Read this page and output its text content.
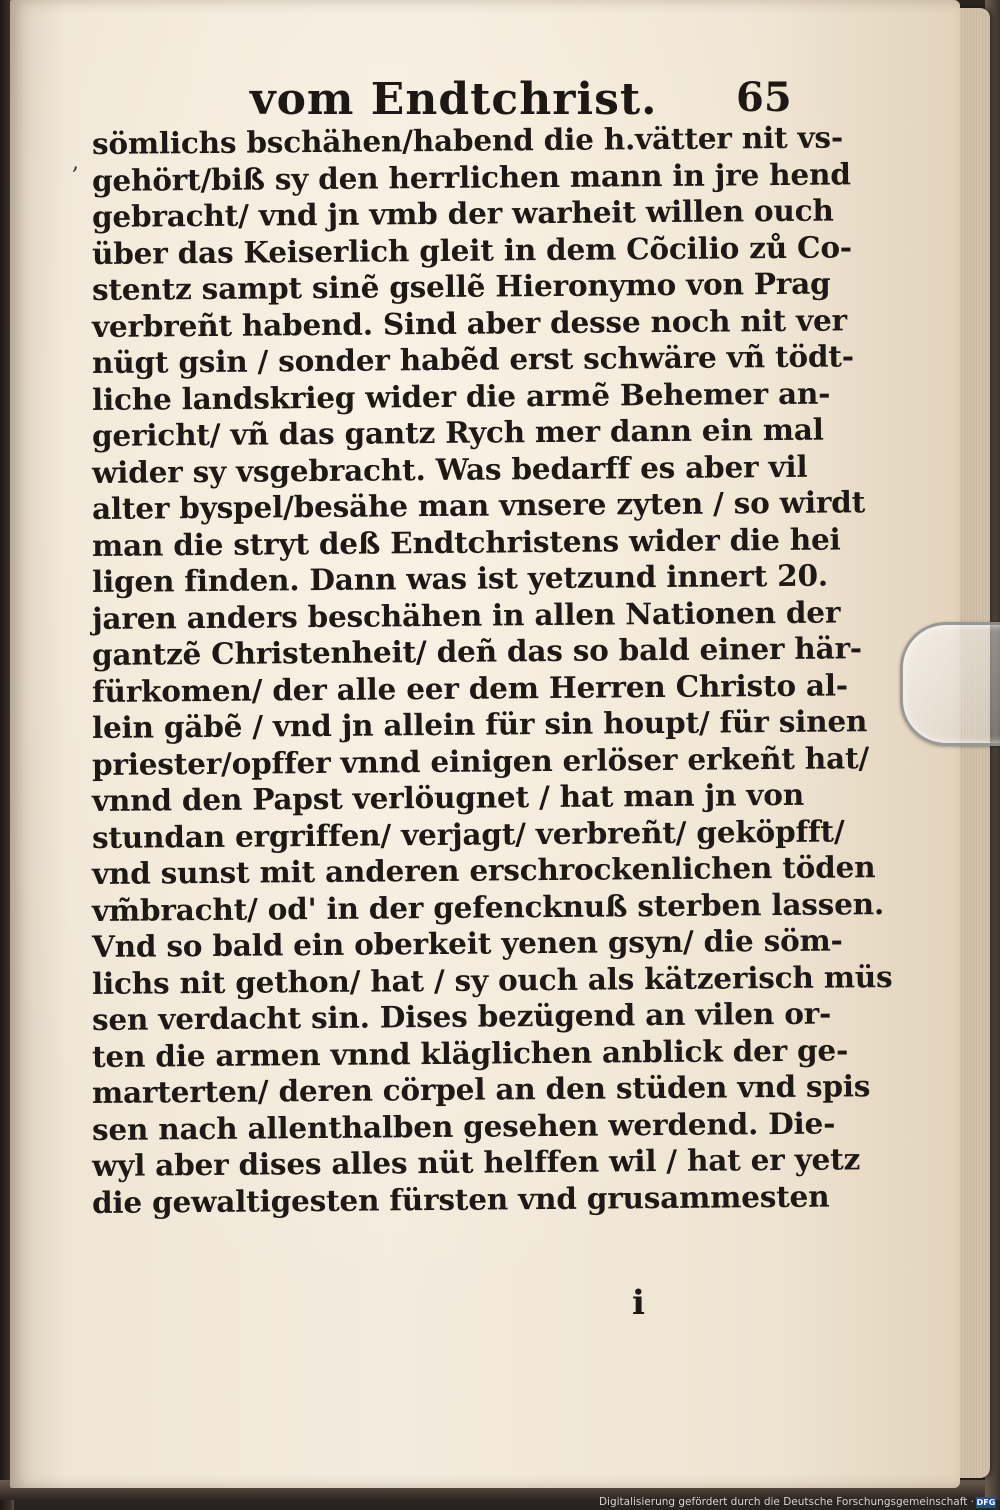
vom Endtchrist. 65
sömlichs bschähen/habend die h.vätter nit vs-
gehört/biß sy den herrlichen mann in jre hend
gebracht/ vnd jn vmb der warheit willen ouch
über das Keiserlich gleit in dem Cõcilio zů Co-
stentz sampt sinẽ gsellẽ Hieronymo von Prag
verbreñt habend. Sind aber desse noch nit ver
nügt gsin / sonder habẽd erst schwäre vñ tödt-
liche landskrieg wider die armẽ Behemer an-
gericht/ vñ das gantz Rych mer dann ein mal
wider sy vsgebracht. Was bedarff es aber vil
alter byspel/besähe man vnsere zyten / so wirdt
man die stryt deß Endtchristens wider die hei
ligen finden. Dann was ist yetzund innert 20.
jaren anders beschähen in allen Nationen der
gantzẽ Christenheit/ deñ das so bald einer här-
fürkomen/ der alle eer dem Herren Christo al-
lein gäbẽ / vnd jn allein für sin houpt/ für sinen
priester/opffer vnnd einigen erlöser erkeñt hat/
vnnd den Papst verlöugnet / hat man jn von
stundan ergriffen/ verjagt/ verbreñt/ geköpfft/
vnd sunst mit anderen erschrockenlichen töden
vm̃bracht/ od' in der gefencknuß sterben lassen.
Vnd so bald ein oberkeit yenen gsyn/ die söm-
lichs nit gethon/ hat / sy ouch als kätzerisch müs
sen verdacht sin. Dises bezügend an vilen or-
ten die armen vnnd kläglichen anblick der ge-
marterten/ deren cörpel an den stüden vnd spis
sen nach allenthalben gesehen werdend. Die-
wyl aber dises alles nüt helffen wil / hat er yetz
die gewaltigesten fürsten vnd grusammesten
i
,
Digitalisierung gefördert durch die Deutsche Forschungsgemeinschaft · DFG
